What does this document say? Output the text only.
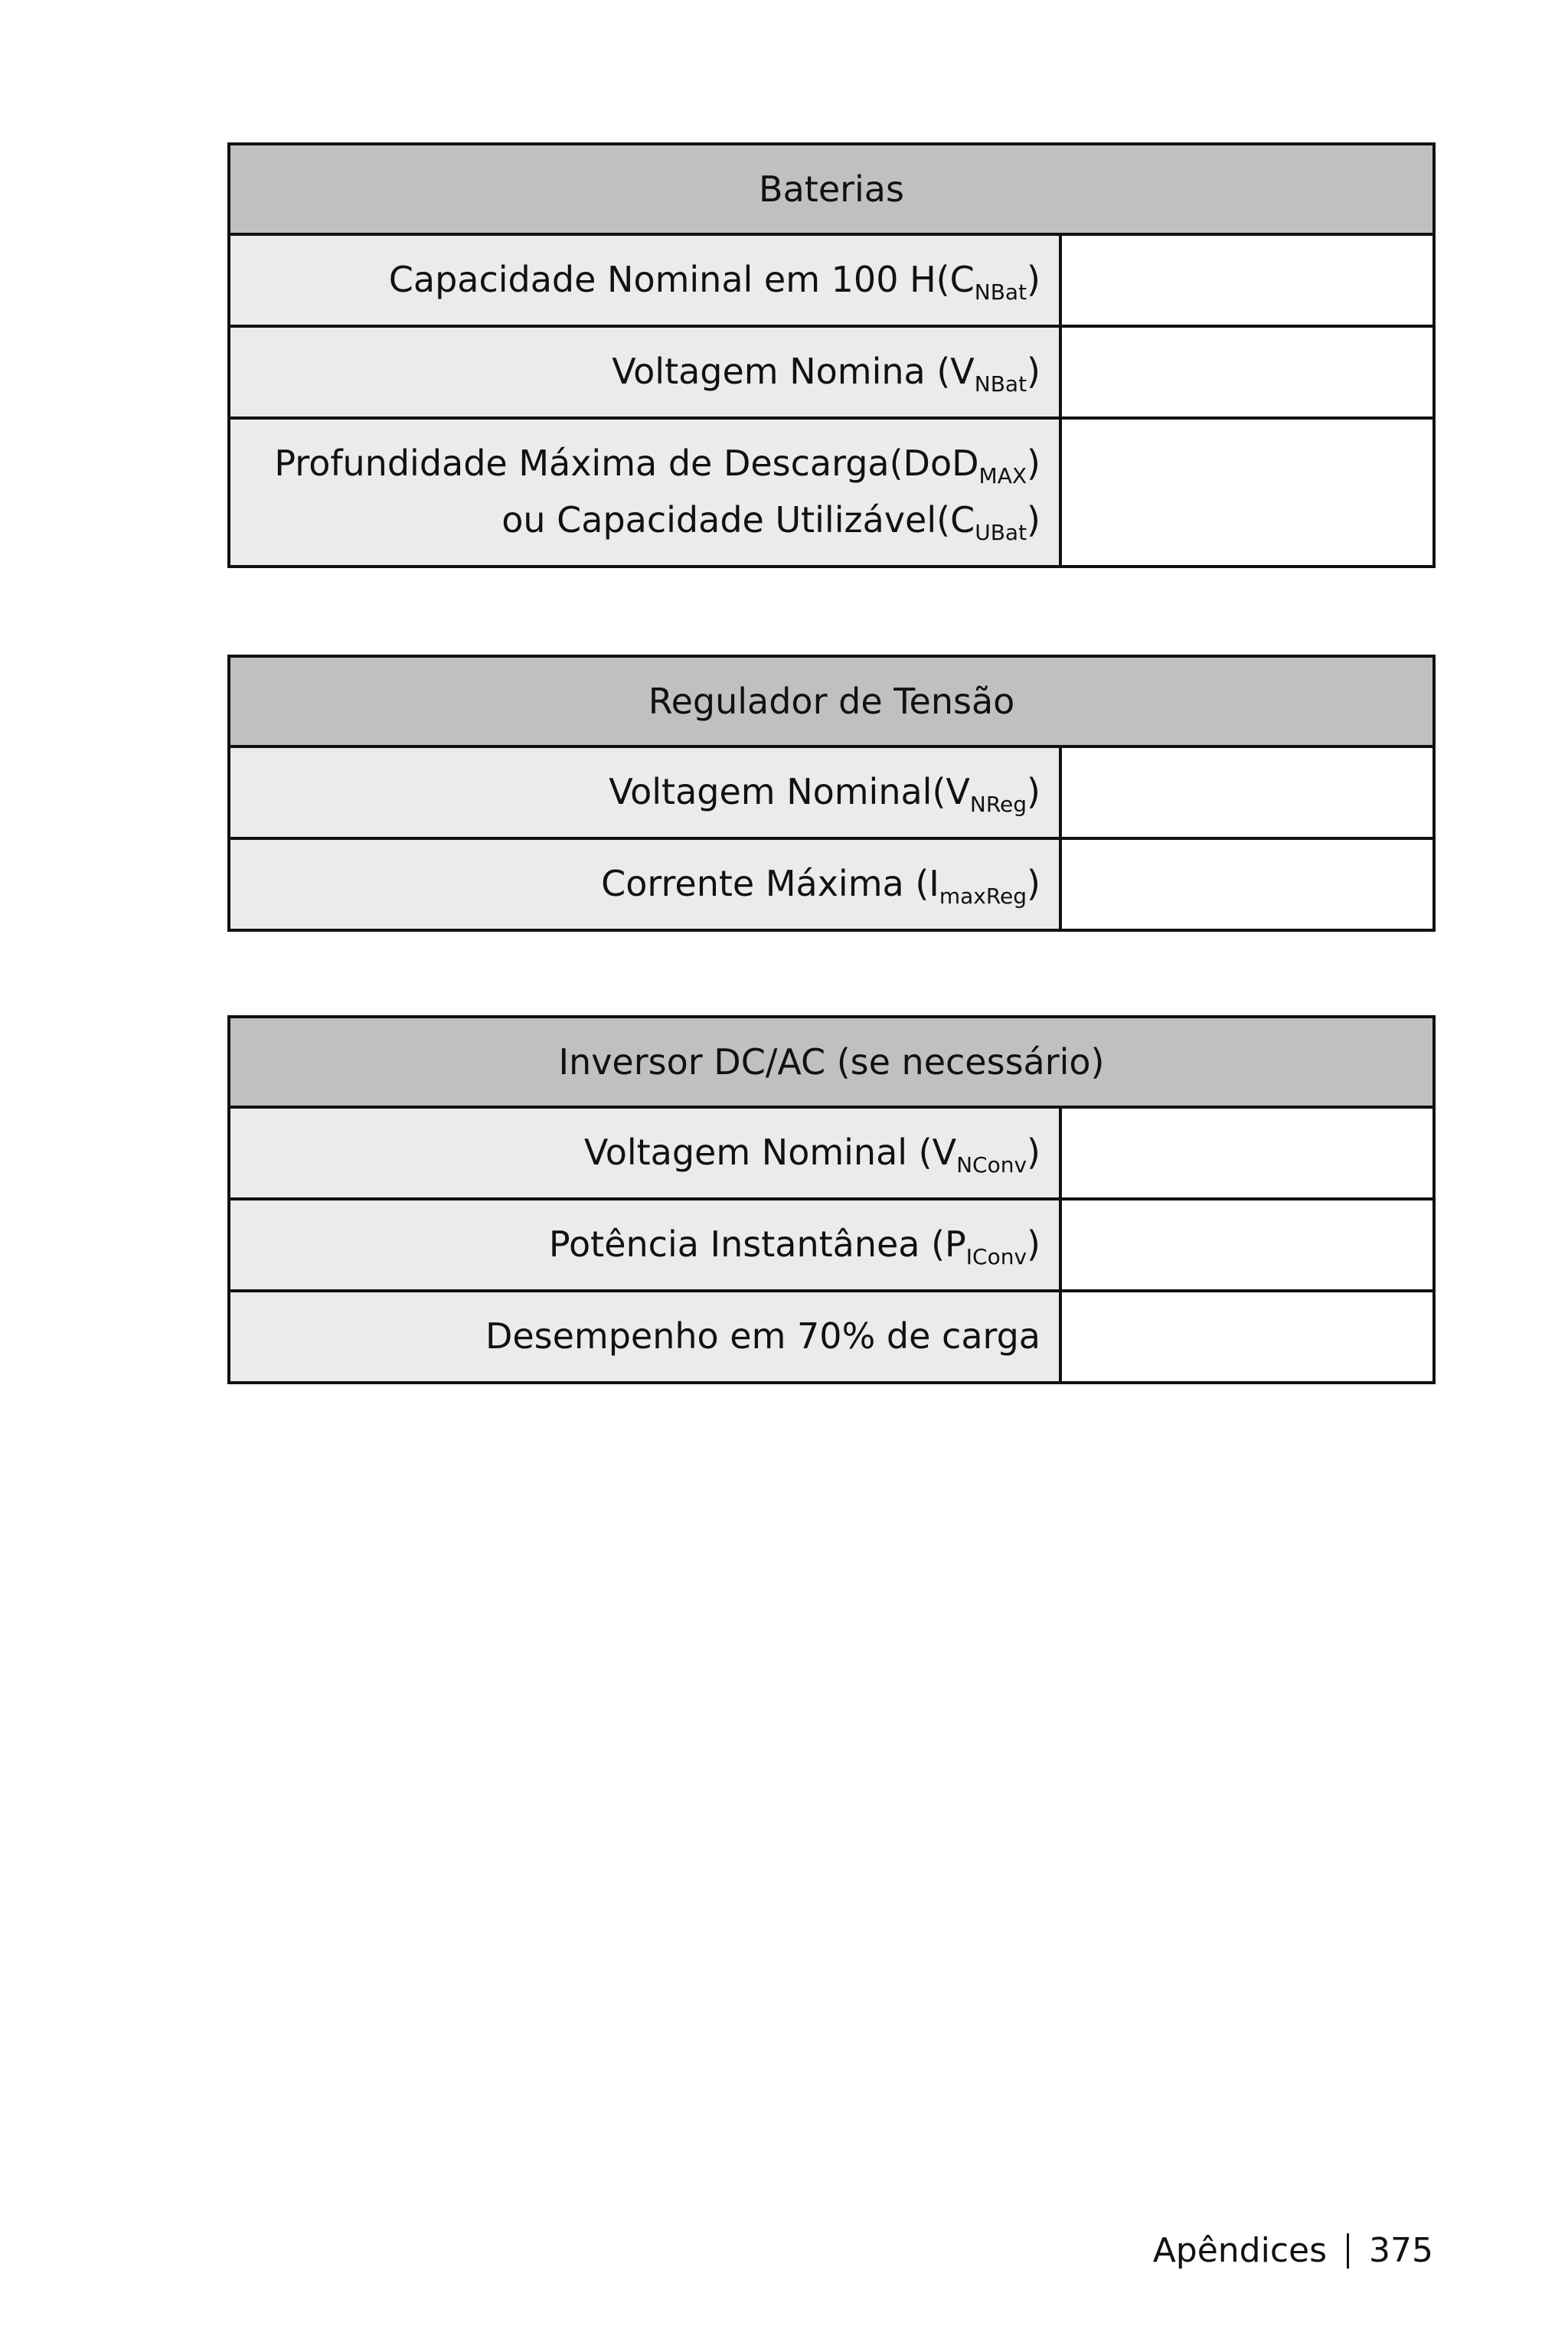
Baterias	
Capacidade Nominal em 100 $H(C_{NBat})$	
Voltagem Nomina $(V_{NBat})$	
Profundidade Máxima de Descarga(DoD$_{MAX}$)
ou Capacidade $Utilizável(C_{UBat})$	
Regulador de Tensão	
Voltagem $Nominal(V_{NReg})$	
Corrente Máxima $(I_{maxReg})$	
Inversor DC/AC (se necessário)	
Voltagem Nominal $(V_{NConv})$	
Potência Instantânea $(P_{IConv})$	
Desempenho em 70% de carga	
Apêndices 375
